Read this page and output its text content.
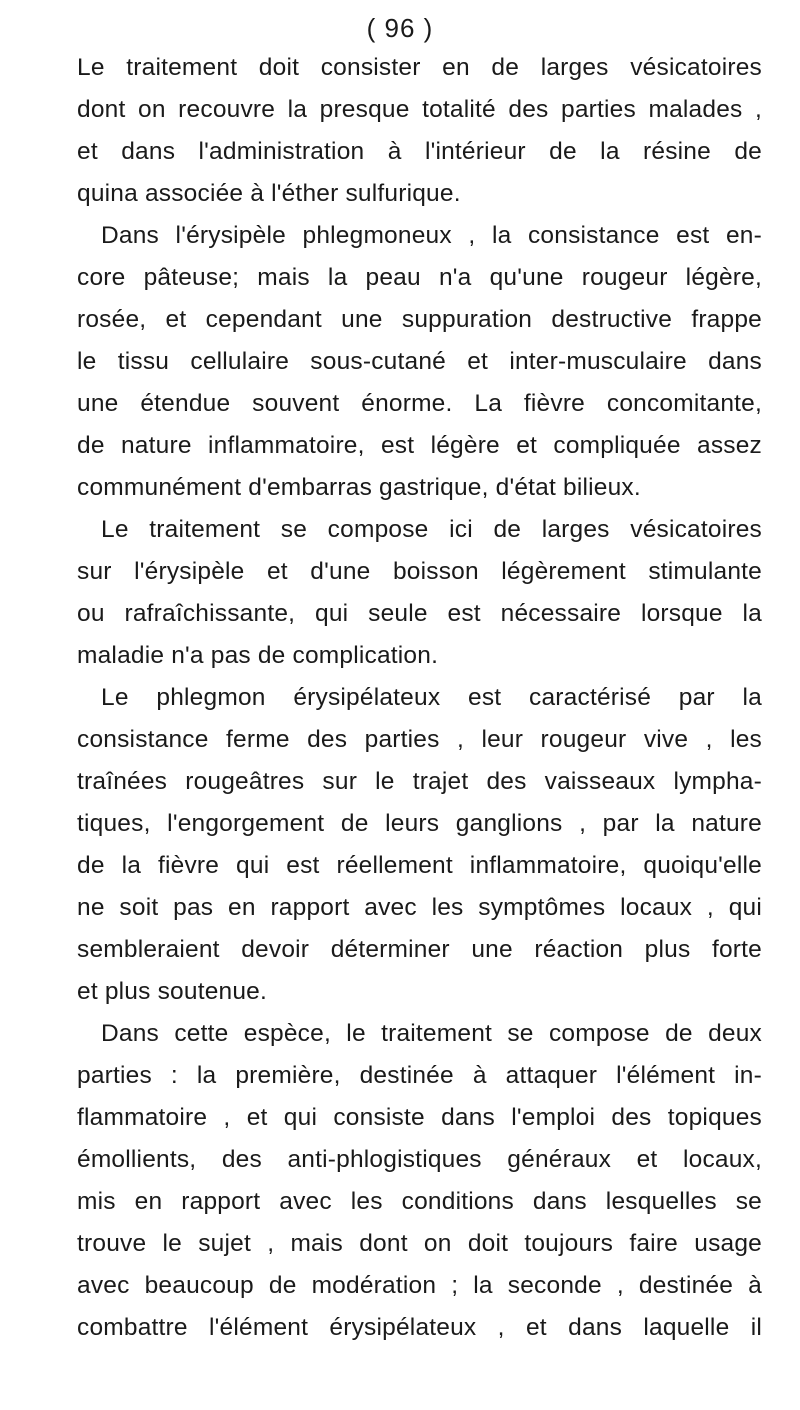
( 96 )
Le traitement doit consister en de larges vésicatoires
dont on recouvre la presque totalité des parties malades ,
et dans l'administration à l'intérieur de la résine de
quina associée à l'éther sulfurique.
Dans l'érysipèle phlegmoneux , la consistance est en-
core pâteuse; mais la peau n'a qu'une rougeur légère,
rosée, et cependant une suppuration destructive frappe
le tissu cellulaire sous-cutané et inter-musculaire dans
une étendue souvent énorme. La fièvre concomitante,
de nature inflammatoire, est légère et compliquée assez
communément d'embarras gastrique, d'état bilieux.
Le traitement se compose ici de larges vésicatoires
sur l'érysipèle et d'une boisson légèrement stimulante
ou rafraîchissante, qui seule est nécessaire lorsque la
maladie n'a pas de complication.
Le phlegmon érysipélateux est caractérisé par la
consistance ferme des parties , leur rougeur vive , les
traînées rougeâtres sur le trajet des vaisseaux lympha-
tiques, l'engorgement de leurs ganglions , par la nature
de la fièvre qui est réellement inflammatoire, quoiqu'elle
ne soit pas en rapport avec les symptômes locaux , qui
sembleraient devoir déterminer une réaction plus forte
et plus soutenue.
Dans cette espèce, le traitement se compose de deux
parties : la première, destinée à attaquer l'élément in-
flammatoire , et qui consiste dans l'emploi des topiques
émollients, des anti-phlogistiques généraux et locaux,
mis en rapport avec les conditions dans lesquelles se
trouve le sujet , mais dont on doit toujours faire usage
avec beaucoup de modération ; la seconde , destinée à
combattre l'élément érysipélateux , et dans laquelle il
